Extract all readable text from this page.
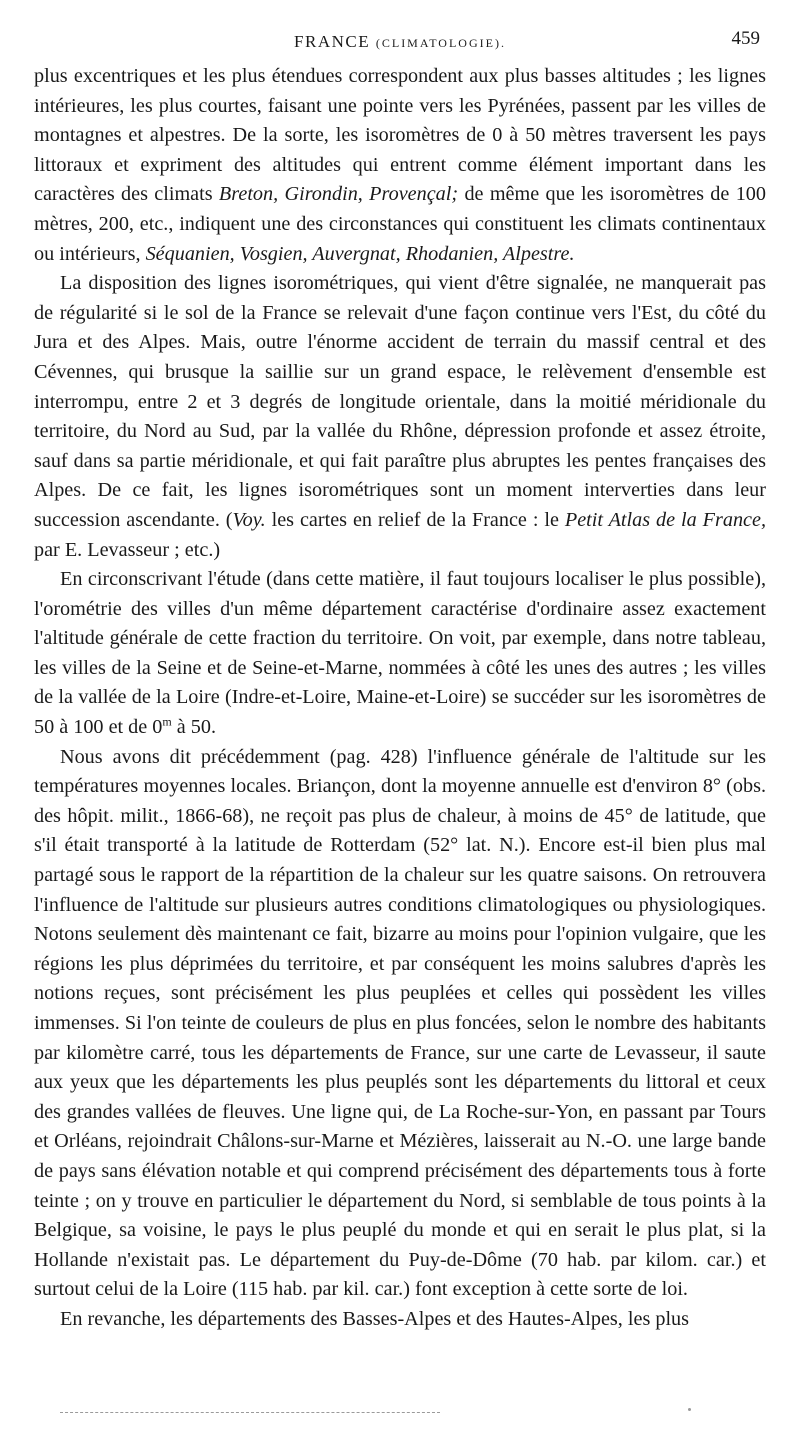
FRANCE (CLIMATOLOGIE).	459

plus excentriques et les plus étendues correspondent aux plus basses altitudes ; les lignes intérieures, les plus courtes, faisant une pointe vers les Pyrénées, passent par les villes de montagnes et alpestres. De la sorte, les isoromètres de 0 à 50 mètres traversent les pays littoraux et expriment des altitudes qui entrent comme élément important dans les caractères des climats Breton, Girondin, Provençal; de même que les isoromètres de 100 mètres, 200, etc., indiquent une des circonstances qui constituent les climats continentaux ou intérieurs, Séquanien, Vosgien, Auvergnat, Rhodanien, Alpestre.

La disposition des lignes isorométriques, qui vient d'être signalée, ne manquerait pas de régularité si le sol de la France se relevait d'une façon continue vers l'Est, du côté du Jura et des Alpes. Mais, outre l'énorme accident de terrain du massif central et des Cévennes, qui brusque la saillie sur un grand espace, le relèvement d'ensemble est interrompu, entre 2 et 3 degrés de longitude orientale, dans la moitié méridionale du territoire, du Nord au Sud, par la vallée du Rhône, dépression profonde et assez étroite, sauf dans sa partie méridionale, et qui fait paraître plus abruptes les pentes françaises des Alpes. De ce fait, les lignes isorométriques sont un moment interverties dans leur succession ascendante. (Voy. les cartes en relief de la France : le Petit Atlas de la France, par E. Levasseur ; etc.)

En circonscrivant l'étude (dans cette matière, il faut toujours localiser le plus possible), l'orométrie des villes d'un même département caractérise d'ordinaire assez exactement l'altitude générale de cette fraction du territoire. On voit, par exemple, dans notre tableau, les villes de la Seine et de Seine-et-Marne, nommées à côté les unes des autres ; les villes de la vallée de la Loire (Indre-et-Loire, Maine-et-Loire) se succéder sur les isoromètres de 50 à 100 et de 0$^m$ à 50.

Nous avons dit précédemment (pag. 428) l'influence générale de l'altitude sur les températures moyennes locales. Briançon, dont la moyenne annuelle est d'environ 8° (obs. des hôpit. milit., 1866-68), ne reçoit pas plus de chaleur, à moins de 45° de latitude, que s'il était transporté à la latitude de Rotterdam (52° lat. N.). Encore est-il bien plus mal partagé sous le rapport de la répartition de la chaleur sur les quatre saisons. On retrouvera l'influence de l'altitude sur plusieurs autres conditions climatologiques ou physiologiques. Notons seulement dès maintenant ce fait, bizarre au moins pour l'opinion vulgaire, que les régions les plus déprimées du territoire, et par conséquent les moins salubres d'après les notions reçues, sont précisément les plus peuplées et celles qui possèdent les villes immenses. Si l'on teinte de couleurs de plus en plus foncées, selon le nombre des habitants par kilomètre carré, tous les départements de France, sur une carte de Levasseur, il saute aux yeux que les départements les plus peuplés sont les départements du littoral et ceux des grandes vallées de fleuves. Une ligne qui, de La Roche-sur-Yon, en passant par Tours et Orléans, rejoindrait Châlons-sur-Marne et Mézières, laisserait au N.-O. une large bande de pays sans élévation notable et qui comprend précisément des départements tous à forte teinte ; on y trouve en particulier le département du Nord, si semblable de tous points à la Belgique, sa voisine, le pays le plus peuplé du monde et qui en serait le plus plat, si la Hollande n'existait pas. Le département du Puy-de-Dôme (70 hab. par kilom. car.) et surtout celui de la Loire (115 hab. par kil. car.) font exception à cette sorte de loi.

En revanche, les départements des Basses-Alpes et des Hautes-Alpes, les plus
